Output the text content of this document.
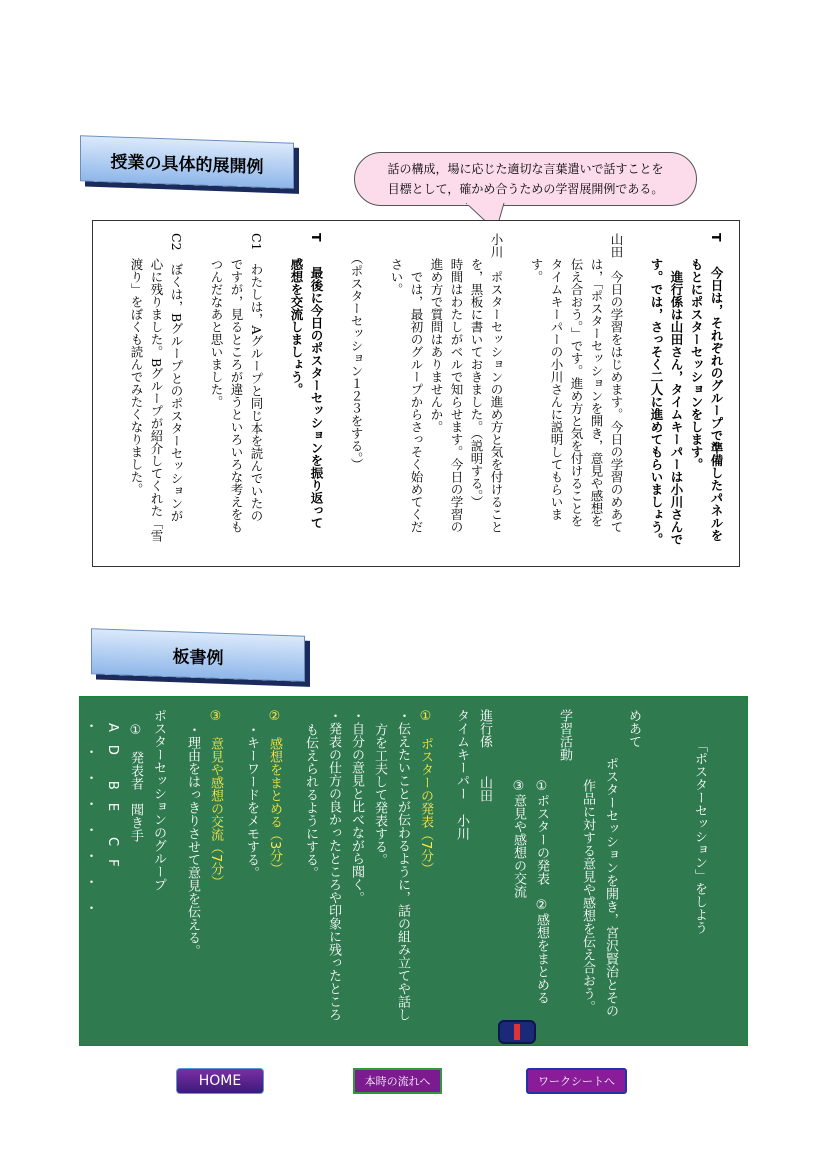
授業の具体的展開例	話の構成，場に応じた適切な言葉遣いで話すことを
目標として，確かめ合うための学習展開例である。
T　　今日は，それぞれのグループで準備したパネルを
　　もとにポスターセッションをします。
　　　進行係は山田さん，タイムキーパーは小川さんで
　　す。では，さっそく二人に進めてもらいましょう。
山田　今日の学習をはじめます。今日の学習のめあて
　　は，「ポスターセッションを開き，意見や感想を
　　伝え合おう。」です。進め方と気を付けることを
　　タイムキーパーの小川さんに説明してもらいま
　　す。
小川　ポスターセッションの進め方と気を付けること
　　を，黒板に書いておきました。（説明する。）
　　時間はわたしがベルで知らせます。今日の学習の
　　進め方で質問はありませんか。
　　　では，最初のグループからさっそく始めてくだ
　　さい。
　　（ポスターセッション１２３をする。）
T　　最後に今日のポスターセッションを振り返って
　　感想を交流しましょう。
C1　わたしは，Aグループと同じ本を読んでいたの
　　ですが，見るところが違うといろいろな考えをも
　　つんだなあと思いました。
C2　ぼくは，Bグループとのポスターセッションが
　　心に残りました。Bグループが紹介してくれた「雪
　　渡り」をぼくも読んでみたくなりました。
板書例
「ポスターセッション」をしよう
めあて
ポスターセッションを開き，宮沢賢治とその
作品に対する意見や感想を伝え合おう。
学習活動
①ポスターの発表　②感想をまとめる
③意見や感想の交流
進行係山田
タイムキーパー小川
①　ポスターの発表（7分）
・伝えたいことが伝わるように，話の組み立てや話し
方を工夫して発表する。
・自分の意見と比べながら聞く。
・発表の仕方の良かったところや印象に残ったところ
も伝えられるようにする。
②　感想をまとめる（3分）
・キーワードをメモする。
③　意見や感想の交流（7分）
・理由をはっきりさせて意見を伝える。
ポスターセッションのグループ
①　発表者　聞き手
A　D　　B　E　　C　F
・　・　・　・　・　・　・　・
HOME	本時の流れへ	ワークシートへ
